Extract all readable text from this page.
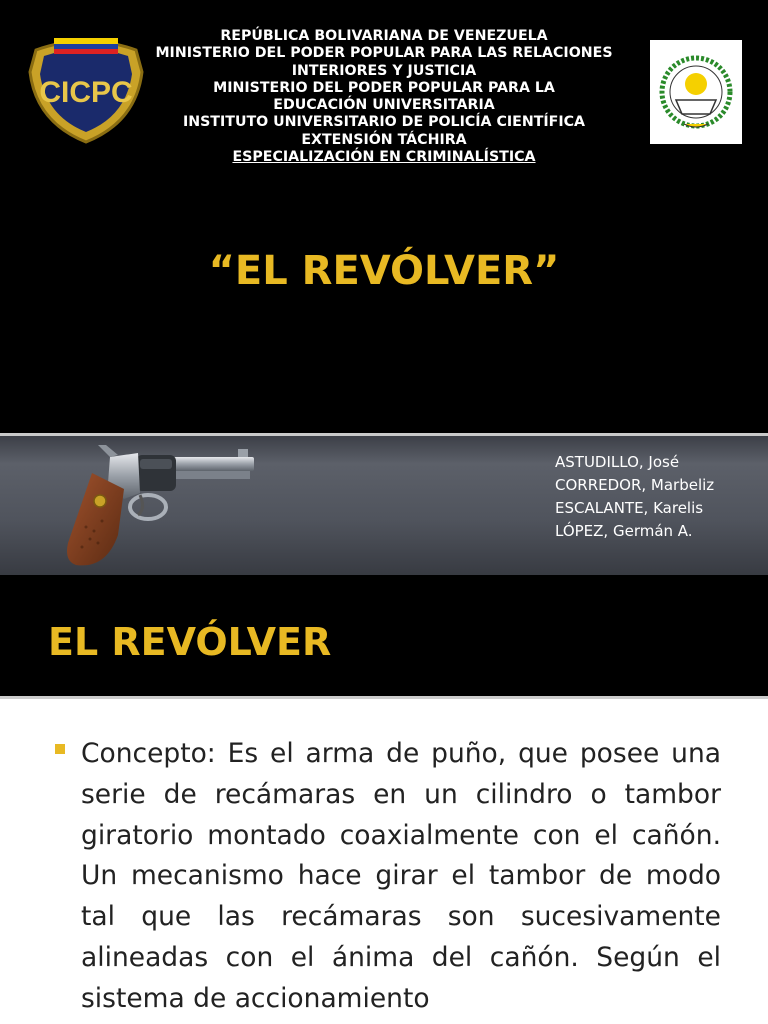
CICPC
REPÚBLICA BOLIVARIANA DE VENEZUELA
MINISTERIO DEL PODER POPULAR PARA LAS RELACIONES
INTERIORES Y JUSTICIA
MINISTERIO DEL PODER POPULAR PARA LA
EDUCACIÓN UNIVERSITARIA
INSTITUTO UNIVERSITARIO DE POLICÍA CIENTÍFICA
EXTENSIÓN TÁCHIRA
ESPECIALIZACIÓN EN CRIMINALÍSTICA
“EL REVÓLVER”
ASTUDILLO, José
CORREDOR, Marbeliz
ESCALANTE, Karelis
LÓPEZ, Germán A.
EL REVÓLVER
Concepto: Es el arma de puño, que posee una serie de recámaras en un cilindro o tambor giratorio montado coaxialmente con el cañón. Un mecanismo hace girar el tambor de modo tal que las recámaras son sucesivamente alineadas con el ánima del cañón. Según el sistema de accionamiento
